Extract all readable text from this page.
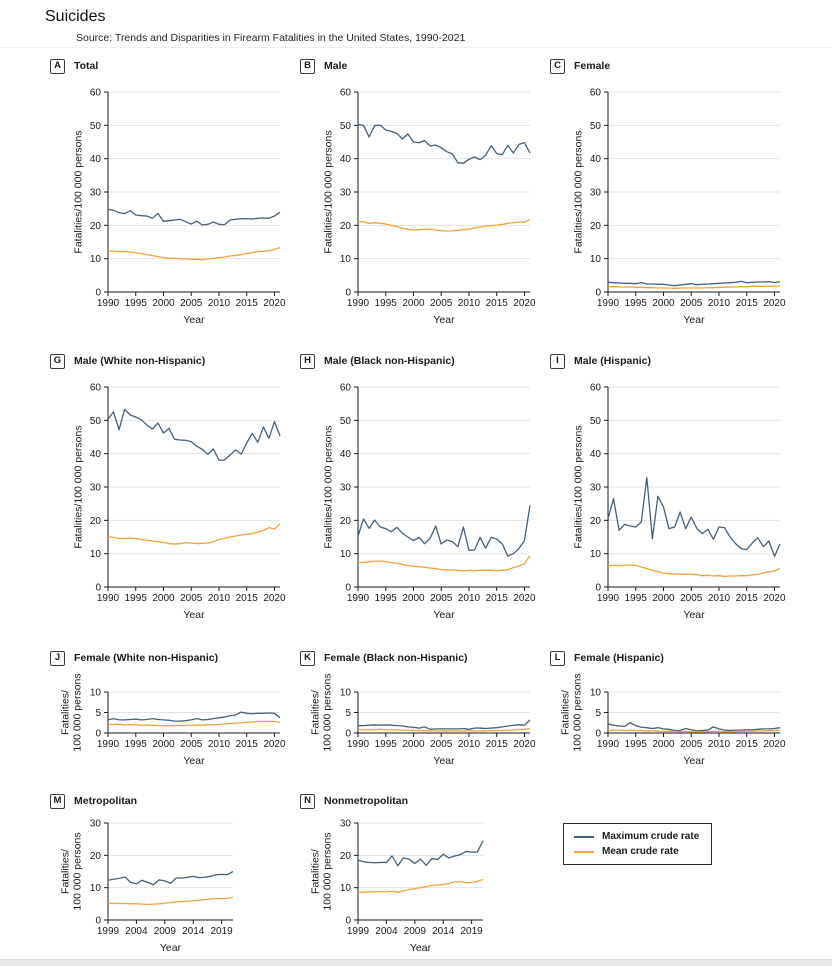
Suicides
Source: Trends and Disparities in Firearm Fatalities in the United States, 1990-2021
A	Total
0
10
20
30
40
50
60
1990 1995 2000 2005 2010 2015 2020
Fatalities/100 000 persons
Year
B	Male
0
10
20
30
40
50
60
1990 1995 2000 2005 2010 2015 2020
Fatalities/100 000 persons
Year
C	Female
0
10
20
30
40
50
60
1990 1995 2000 2005 2010 2015 2020
Fatalities/100 000 persons
Year
G	Male (White non-Hispanic)
0
10
20
30
40
50
60
1990 1995 2000 2005 2010 2015 2020
Fatalities/100 000 persons
Year
H	Male (Black non-Hispanic)
0
10
20
30
40
50
60
1990 1995 2000 2005 2010 2015 2020
Fatalities/100 000 persons
Year
I	Male (Hispanic)
0
10
20
30
40
50
60
1990 1995 2000 2005 2010 2015 2020
Fatalities/100 000 persons
Year
J	Female (White non-Hispanic)
0
5
10
1990 1995 2000 2005 2010 2015 2020
Fatalities/ 100 000 persons
Year
K	Female (Black non-Hispanic)
0
5
10
1990 1995 2000 2005 2010 2015 2020
Fatalities/ 100 000 persons
Year
L	Female (Hispanic)
0
5
10
1990 1995 2000 2005 2010 2015 2020
Fatalities/ 100 000 persons
Year
M	Metropolitan
0
10
20
30
1999 2004 2009 2014 2019
Fatalities/ 100 000 persons
Year
N	Nonmetropolitan
0
10
20
30
1999 2004 2009 2014 2019
Fatalities/ 100 000 persons
Year
Maximum crude rate
Mean crude rate
